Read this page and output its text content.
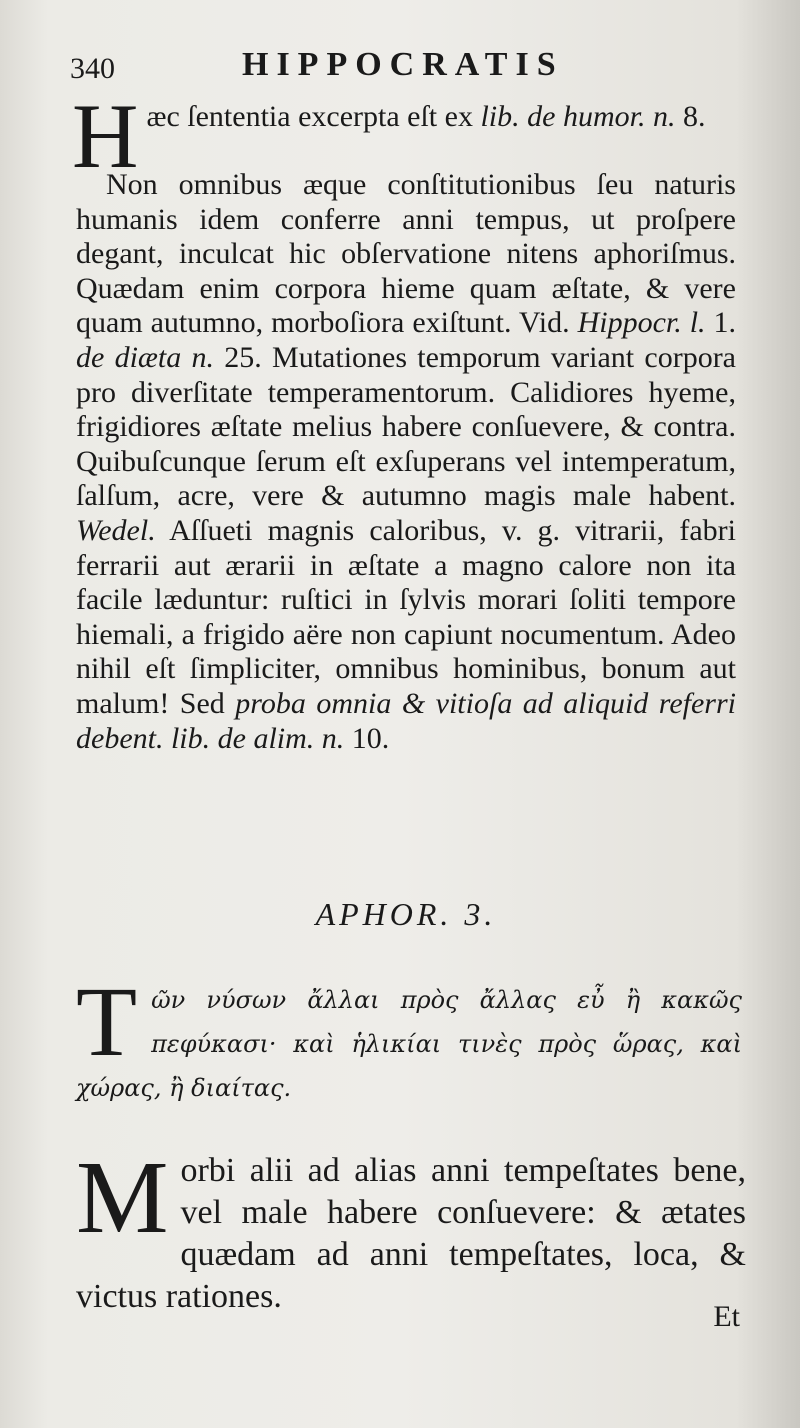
340	HIPPOCRATIS

Hæc ſententia excerpta eſt ex lib. de humor. n. 8.

Non omnibus æque conſtitutionibus ſeu naturis humanis idem conferre anni tempus, ut proſpere degant, inculcat hic obſervatione nitens aphoriſmus. Quædam enim corpora hieme quam æſtate, & vere quam autumno, morboſiora exiſtunt. Vid. Hippocr. l. 1. de diæta n. 25. Mutationes temporum variant corpora pro diverſitate temperamentorum. Calidiores hyeme, frigidiores æſtate melius habere conſuevere, & contra. Quibuſcunque ſerum eſt exſuperans vel intemperatum, ſalſum, acre, vere & autumno magis male habent. Wedel. Aſſueti magnis caloribus, v. g. vitrarii, fabri ferrarii aut ærarii in æſtate a magno calore non ita facile læduntur: ruſtici in ſylvis morari ſoliti tempore hiemali, a frigido aëre non capiunt nocumentum. Adeo nihil eſt ſimpliciter, omnibus hominibus, bonum aut malum! Sed proba omnia & vitioſa ad aliquid referri debent. lib. de alim. n. 10.

APHOR. 3.
Tῶν νύσων ἄλλαι πρὸς ἄλλας εὖ ἢ κακῶς πεφύκασι· καὶ ἡλικίαι τινὲς πρὸς ὥρας, καὶ χώρας, ἢ διαίτας.
Morbi alii ad alias anni tempeſtates bene, vel male habere conſuevere: & ætates quædam ad anni tempeſtates, loca, & victus rationes.
Et
